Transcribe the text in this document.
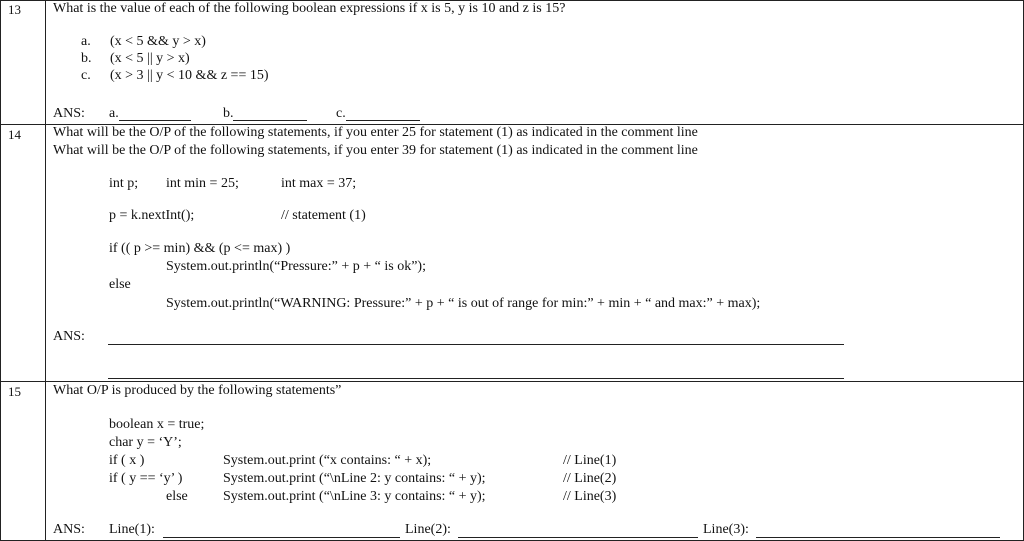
13 What is the value of each of the following boolean expressions if x is 5, y is 10 and z is 15?
a. (x < 5 && y > x)
b. (x < 5 || y > x)
c. (x > 3 || y < 10 && z == 15)
ANS: a.	b.	c.
14 What will be the O/P of the following statements, if you enter 25 for statement (1) as indicated in the comment line
What will be the O/P of the following statements, if you enter 39 for statement (1) as indicated in the comment line
int p; int min = 25;	int max = 37;
p = k.nextInt();	// statement (1)
if (( p >= min) && (p <= max) )
System.out.println(“Pressure:” + p + “ is ok”);
else
System.out.println(“WARNING: Pressure:” + p + “ is out of range for min:” + min + “ and max:” + max);
ANS:
15 What O/P is produced by the following statements”
boolean x = true;
char y = ‘Y’;
if ( x )	System.out.print (“x contains: “ + x);	// Line(1)
if ( y == ‘y’ )	System.out.print (“\nLine 2: y contains: “ + y);	// Line(2)
else	System.out.print (“\nLine 3: y contains: “ + y);	// Line(3)
ANS: Line(1):	Line(2):	Line(3):
